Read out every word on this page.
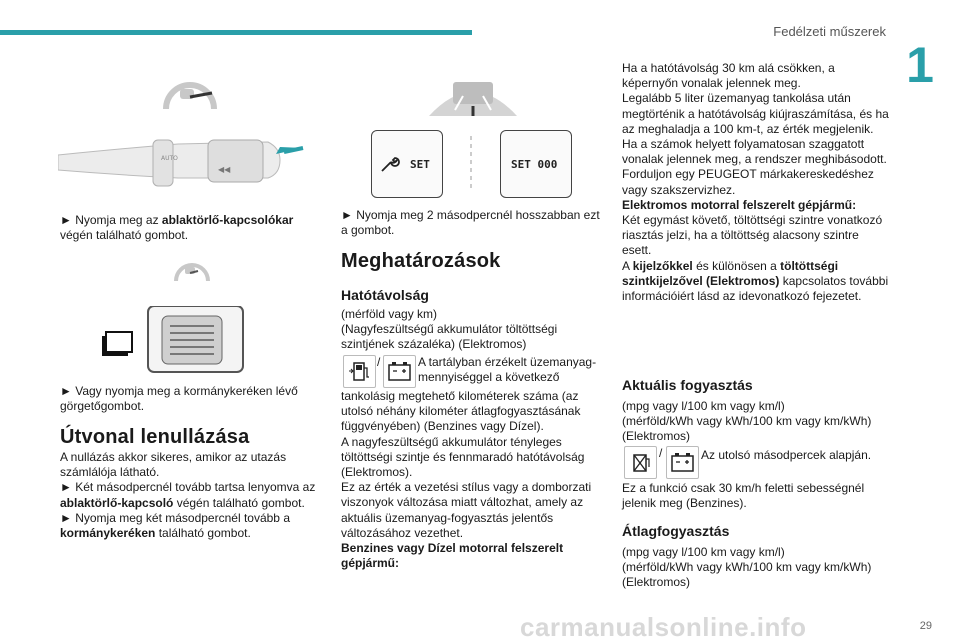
Fedélzeti műszerek
1
29
AUTO
◀◀

► Nyomja meg az ablaktörlő-kapcsolókar végén található gombot.

► Vagy nyomja meg a kormánykeréken lévő görgetőgombot.
Útvonal lenullázása

A nullázás akkor sikeres, amikor az utazás számlálója látható.

► Két másodpercnél tovább tartsa lenyomva az ablaktörlő-kapcsoló végén található gombot.

► Nyomja meg két másodpercnél tovább a kormánykeréken található gombot.

SET	SET 000
► Nyomja meg 2 másodpercnél hosszabban ezt a gombot.
Meghatározások
Hatótávolság

(mérföld vagy km)

(Nagyfeszültségű akkumulátor töltöttségi szintjének százaléka) (Elektromos)

/	A tartályban érzékelt üzemanyag-mennyiséggel a következő

tankolásig megtehető kilométerek száma (az utolsó néhány kilométer átlagfogyasztásának függvényében) (Benzines vagy Dízel).

A nagyfeszültségű akkumulátor tényleges töltöttségi szintje és fennmaradó hatótávolság (Elektromos).

Ez az érték a vezetési stílus vagy a domborzati viszonyok változása miatt változhat, amely az aktuális üzemanyag-fogyasztás jelentős változásához vezethet.

Benzines vagy Dízel motorral felszerelt gépjármű:

Ha a hatótávolság 30 km alá csökken, a képernyőn vonalak jelennek meg.

Legalább 5 liter üzemanyag tankolása után megtörténik a hatótávolság kiújraszámítása, és ha az meghaladja a 100 km-t, az érték megjelenik.

Ha a számok helyett folyamatosan szaggatott vonalak jelennek meg, a rendszer meghibásodott.

Forduljon egy PEUGEOT márkakereskedéshez vagy szakszervizhez.

Elektromos motorral felszerelt gépjármű:

Két egymást követő, töltöttségi szintre vonatkozó riasztás jelzi, ha a töltöttség alacsony szintre esett.

A kijelzőkkel és különösen a töltöttségi szintkijelzővel (Elektromos) kapcsolatos további információiért lásd az idevonatkozó fejezetet.

Aktuális fogyasztás

(mpg vagy l/100 km vagy km/l)

(mérföld/kWh vagy kWh/100 km vagy km/kWh) (Elektromos)

/	Az utolsó másodpercek alapján.
Ez a funkció csak 30 km/h feletti sebességnél jelenik meg (Benzines).
Átlagfogyasztás

(mpg vagy l/100 km vagy km/l)

(mérföld/kWh vagy kWh/100 km vagy km/kWh) (Elektromos)

carmanualsonline.info
